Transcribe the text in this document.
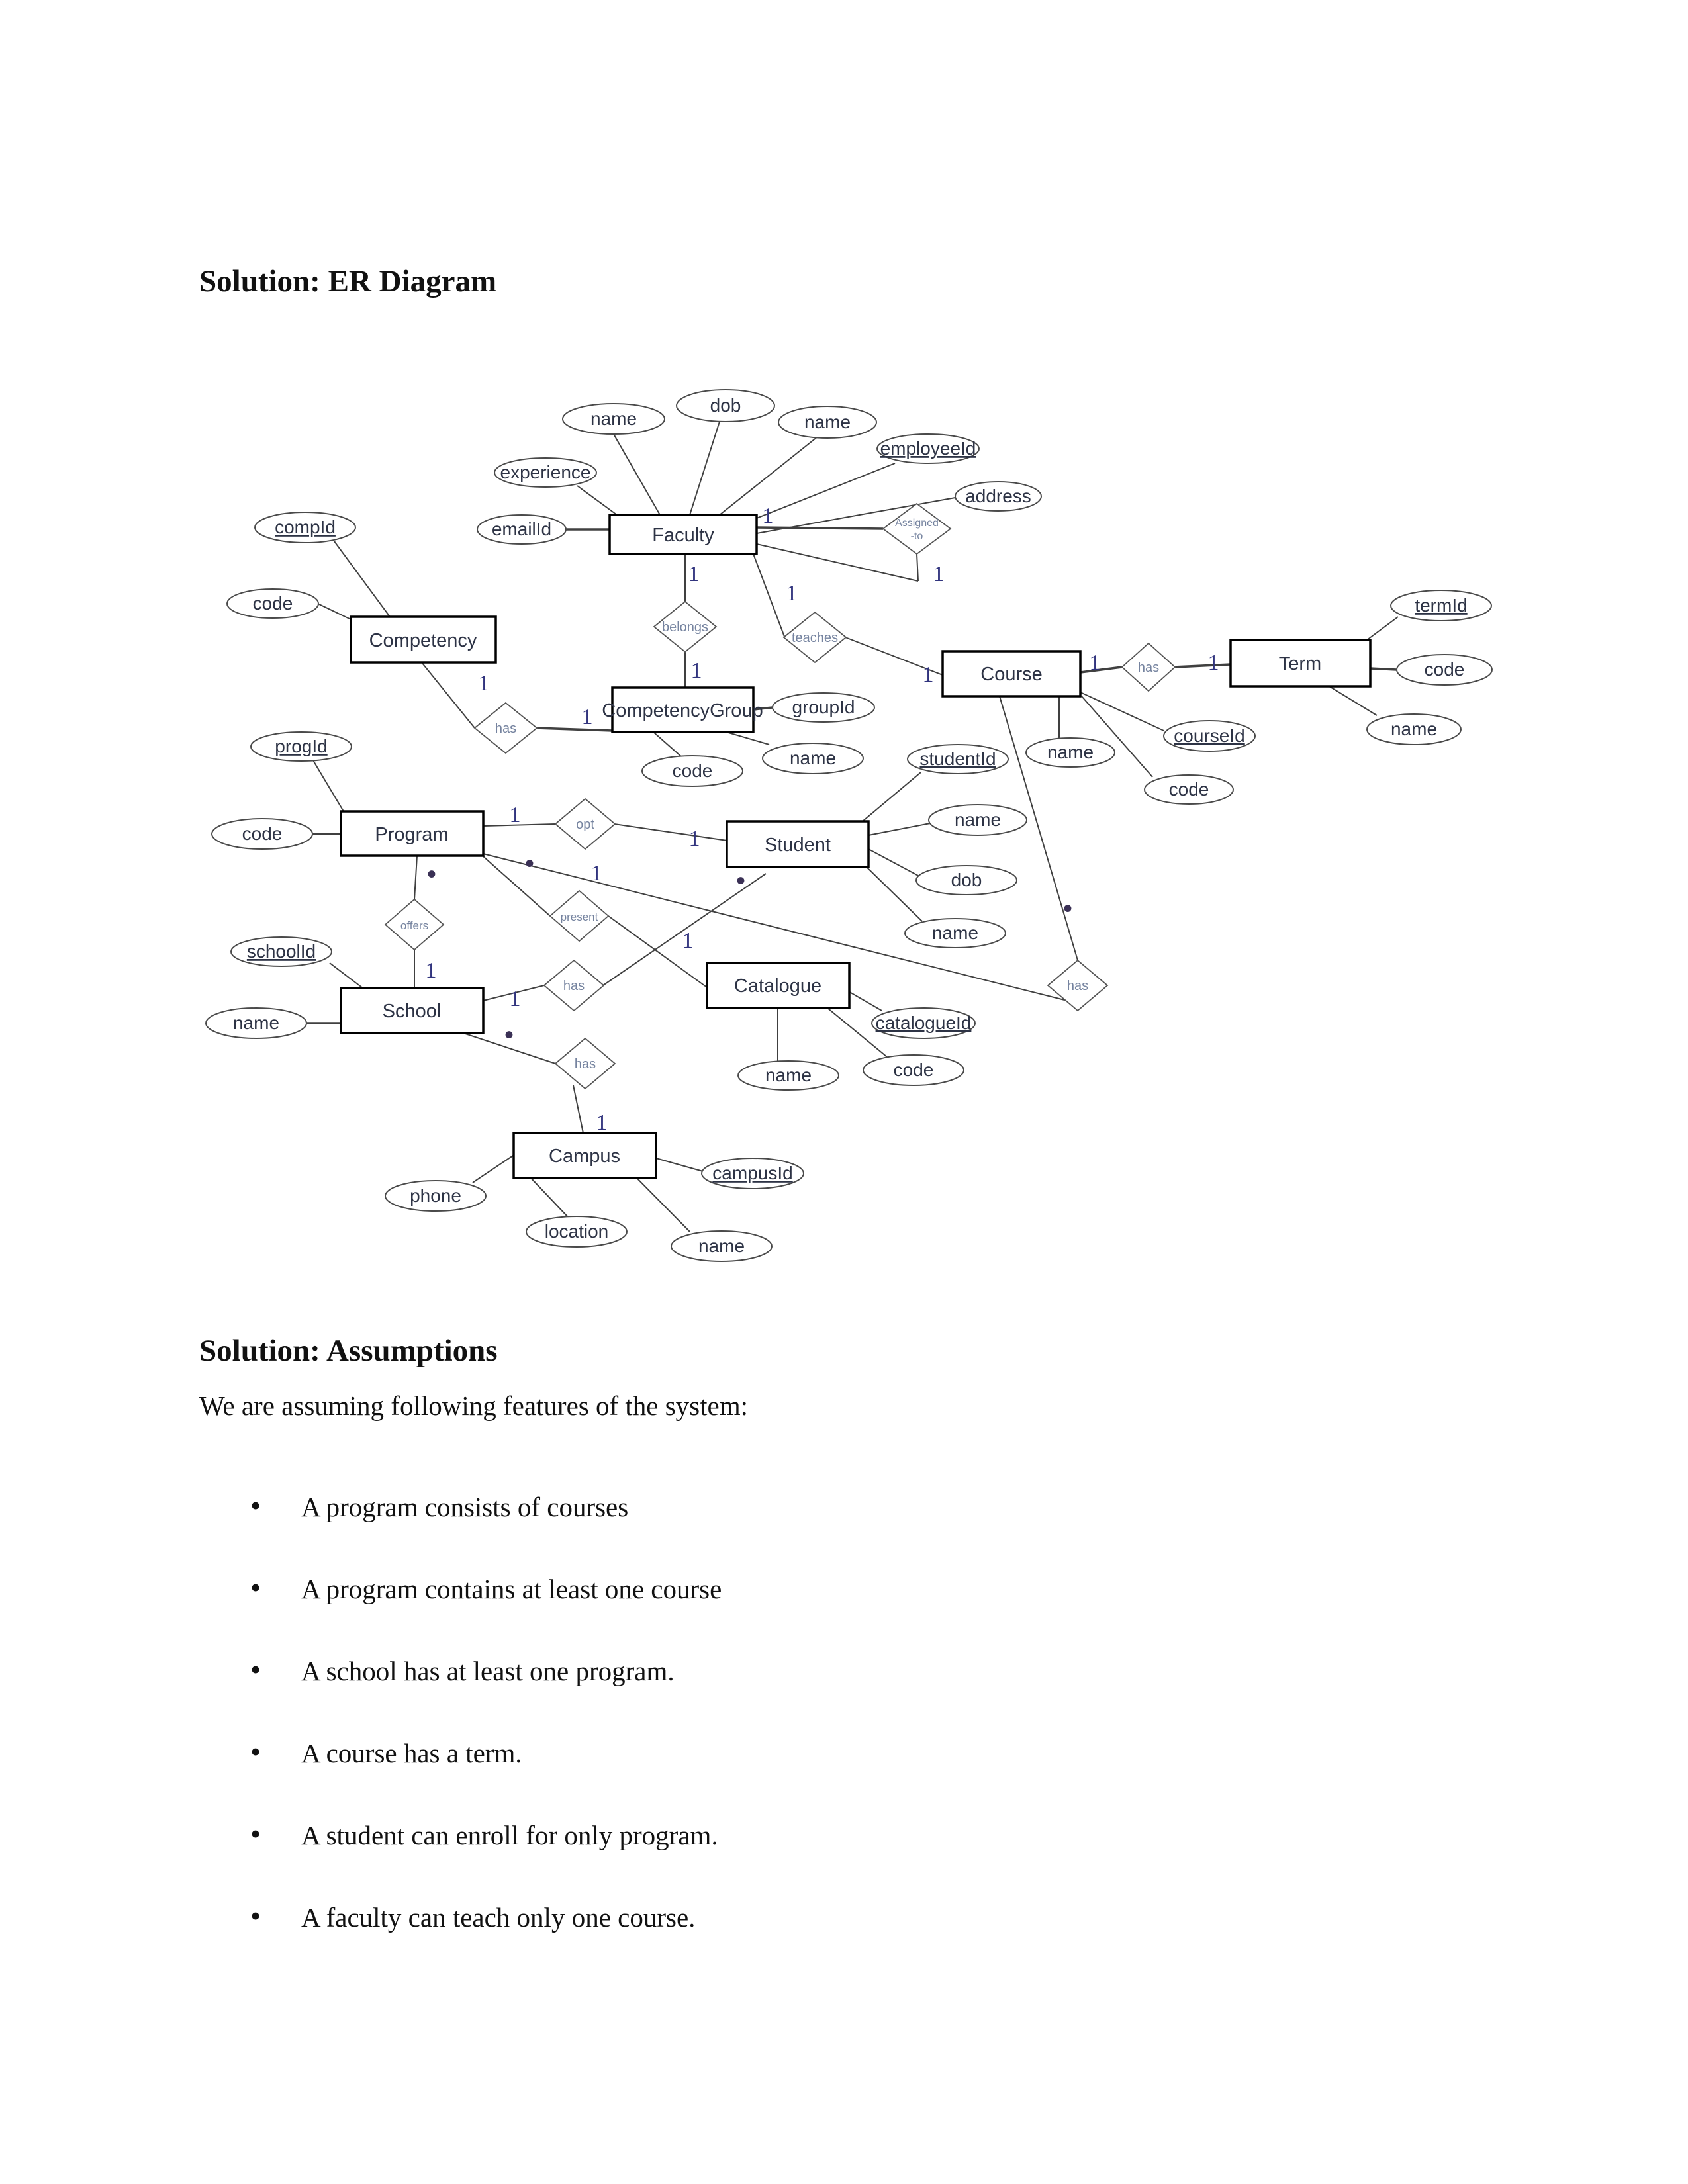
Solution: ER Diagram
name
dob
name
employeeId
address
experience
emailId
compId
code
groupId
name
code
courseId
name
code
termId
code
name
progId
code
studentId
name
dob
name
schoolId
name	catalogueId
code
name
campusId
phone
location
name
belongs
teaches
Assigned
-to
has
has
opt
present
offers
has
has
has
Faculty
Competency
CompetencyGroup
Course	Term
Program	Student
School
Catalogue
Campus
1
1
1
1
1
1
1
1
1	1
1
1
1
1
1
1
1
•	•
•
•
•
Solution: Assumptions
We are assuming following features of the system:
• A program consists of courses
• A program contains at least one course
• A school has at least one program.
• A course has a term.
• A student can enroll for only program.
• A faculty can teach only one course.
